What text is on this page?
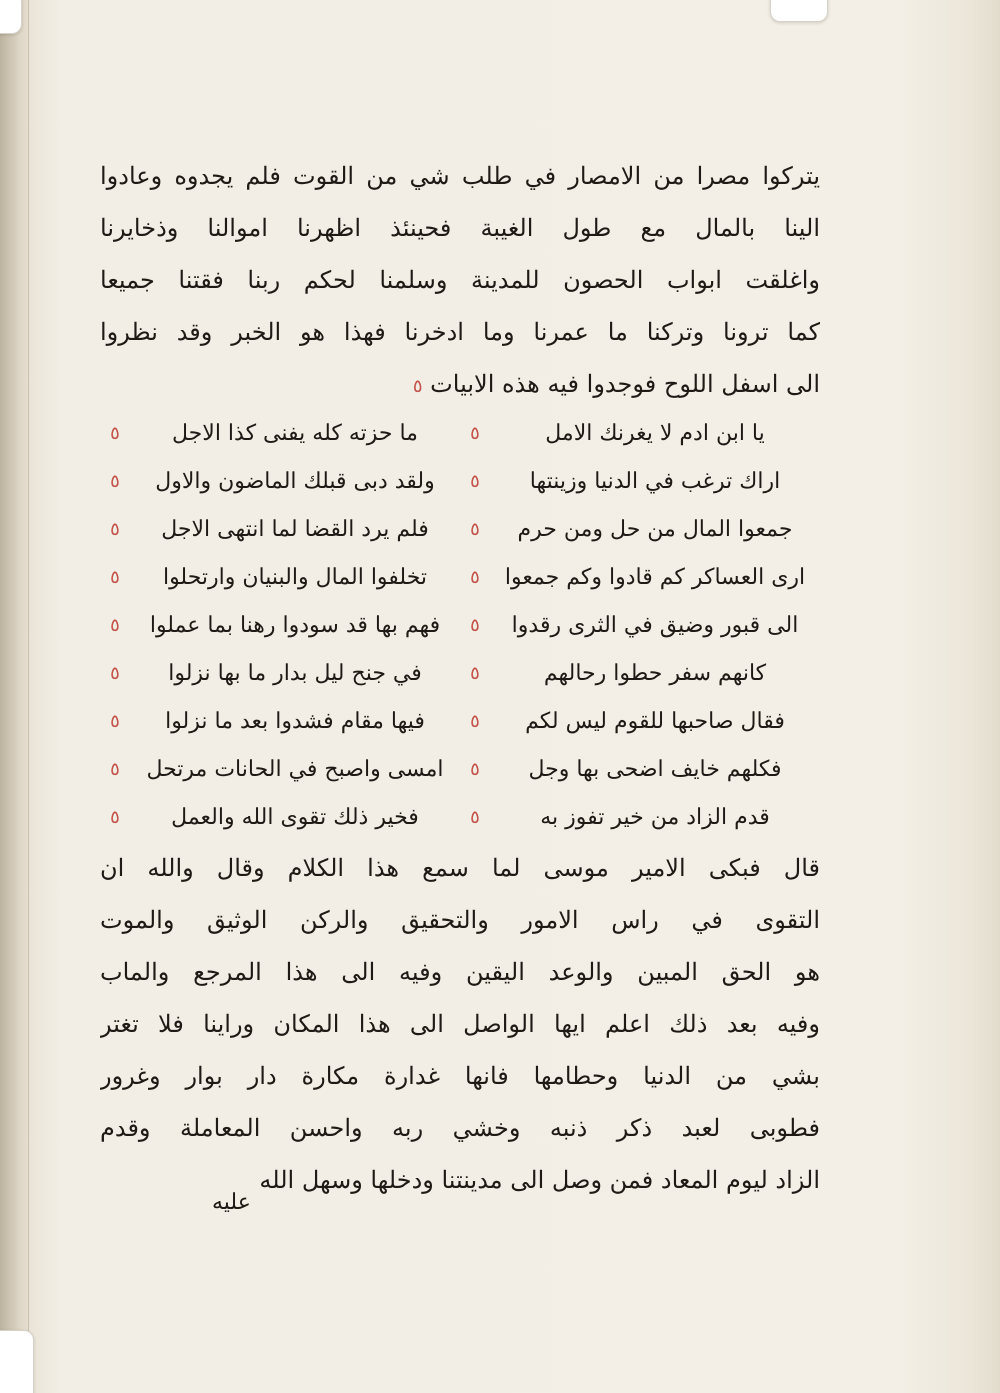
يتركوا مصرا من الامصار في طلب شي من القوت فلم يجدوه وعادوا
الينا بالمال مع طول الغيبة فحينئذ اظهرنا اموالنا وذخايرنا
واغلقت ابواب الحصون للمدينة وسلمنا لحكم ربنا فقتنا جميعا
كما ترونا وتركنا ما عمرنا وما ادخرنا فهذا هو الخبر وقد نظروا
الى اسفل اللوح فوجدوا فيه هذه الابيات ٥
يا ابن ادم لا يغرنك الامل
٥
ما حزته كله يفنى كذا الاجل
٥
اراك ترغب في الدنيا وزينتها
٥
ولقد دبى قبلك الماضون والاول
٥
جمعوا المال من حل ومن حرم
٥
فلم يرد القضا لما انتهى الاجل
٥
ارى العساكر كم قادوا وكم جمعوا
٥
تخلفوا المال والبنيان وارتحلوا
٥
الى قبور وضيق في الثرى رقدوا
٥
فهم بها قد سودوا رهنا بما عملوا
٥
كانهم سفر حطوا رحالهم
٥
في جنح ليل بدار ما بها نزلوا
٥
فقال صاحبها للقوم ليس لكم
٥
فيها مقام فشدوا بعد ما نزلوا
٥
فكلهم خايف اضحى بها وجل
٥
امسى واصبح في الحانات مرتحل
٥
قدم الزاد من خير تفوز به
٥
فخير ذلك تقوى الله والعمل
٥
قال فبكى الامير موسى لما سمع هذا الكلام وقال والله ان
التقوى في راس الامور والتحقيق والركن الوثيق والموت
هو الحق المبين والوعد اليقين وفيه الى هذا المرجع والماب
وفيه بعد ذلك اعلم ايها الواصل الى هذا المكان وراينا فلا تغتر
بشي من الدنيا وحطامها فانها غدارة مكارة دار بوار وغرور
فطوبى لعبد ذكر ذنبه وخشي ربه واحسن المعاملة وقدم
الزاد ليوم المعاد فمن وصل الى مدينتنا ودخلها وسهل الله
عليه
